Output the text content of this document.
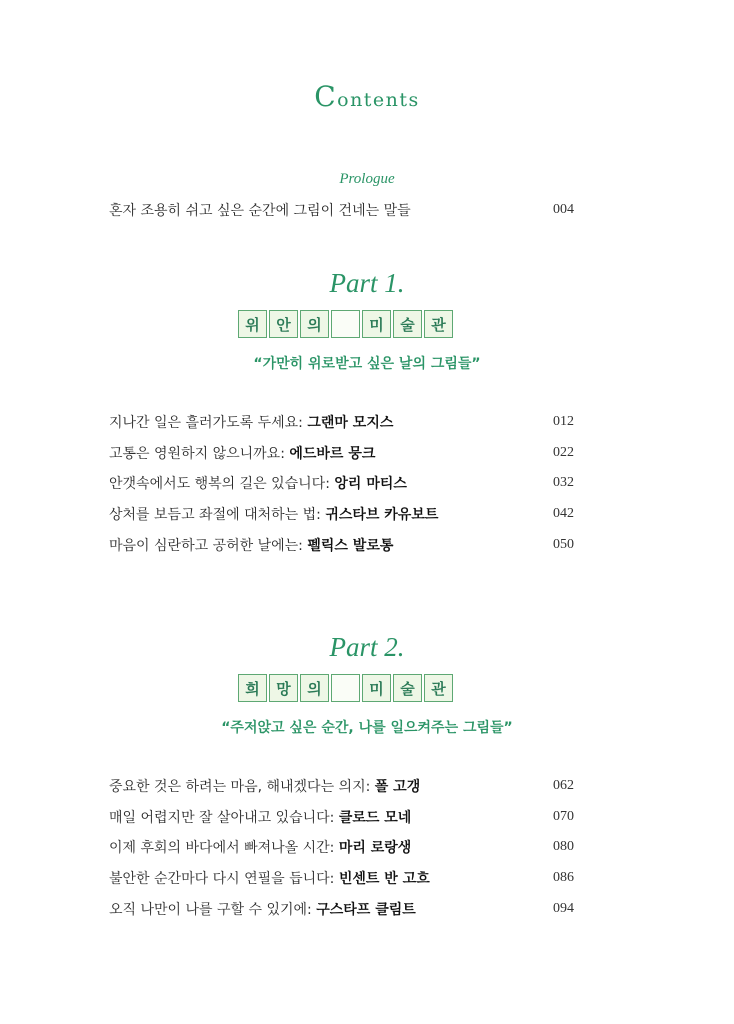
Contents
Prologue
혼자 조용히 쉬고 싶은 순간에 그림이 건네는 말들	004
Part 1.
위	안	의	미	술	관
“가만히 위로받고 싶은 날의 그림들”
지나간 일은 흘러가도록 두세요: 그랜마 모지스	012
고통은 영원하지 않으니까요: 에드바르 뭉크	022
안갯속에서도 행복의 길은 있습니다: 앙리 마티스	032
상처를 보듬고 좌절에 대처하는 법: 귀스타브 카유보트	042
마음이 심란하고 공허한 날에는: 펠릭스 발로통	050
Part 2.
희	망	의	미	술	관
“주저앉고 싶은 순간, 나를 일으켜주는 그림들”
중요한 것은 하려는 마음, 해내겠다는 의지: 폴 고갱	062
매일 어렵지만 잘 살아내고 있습니다: 클로드 모네	070
이제 후회의 바다에서 빠져나올 시간: 마리 로랑생	080
불안한 순간마다 다시 연필을 듭니다: 빈센트 반 고흐	086
오직 나만이 나를 구할 수 있기에: 구스타프 클림트	094
